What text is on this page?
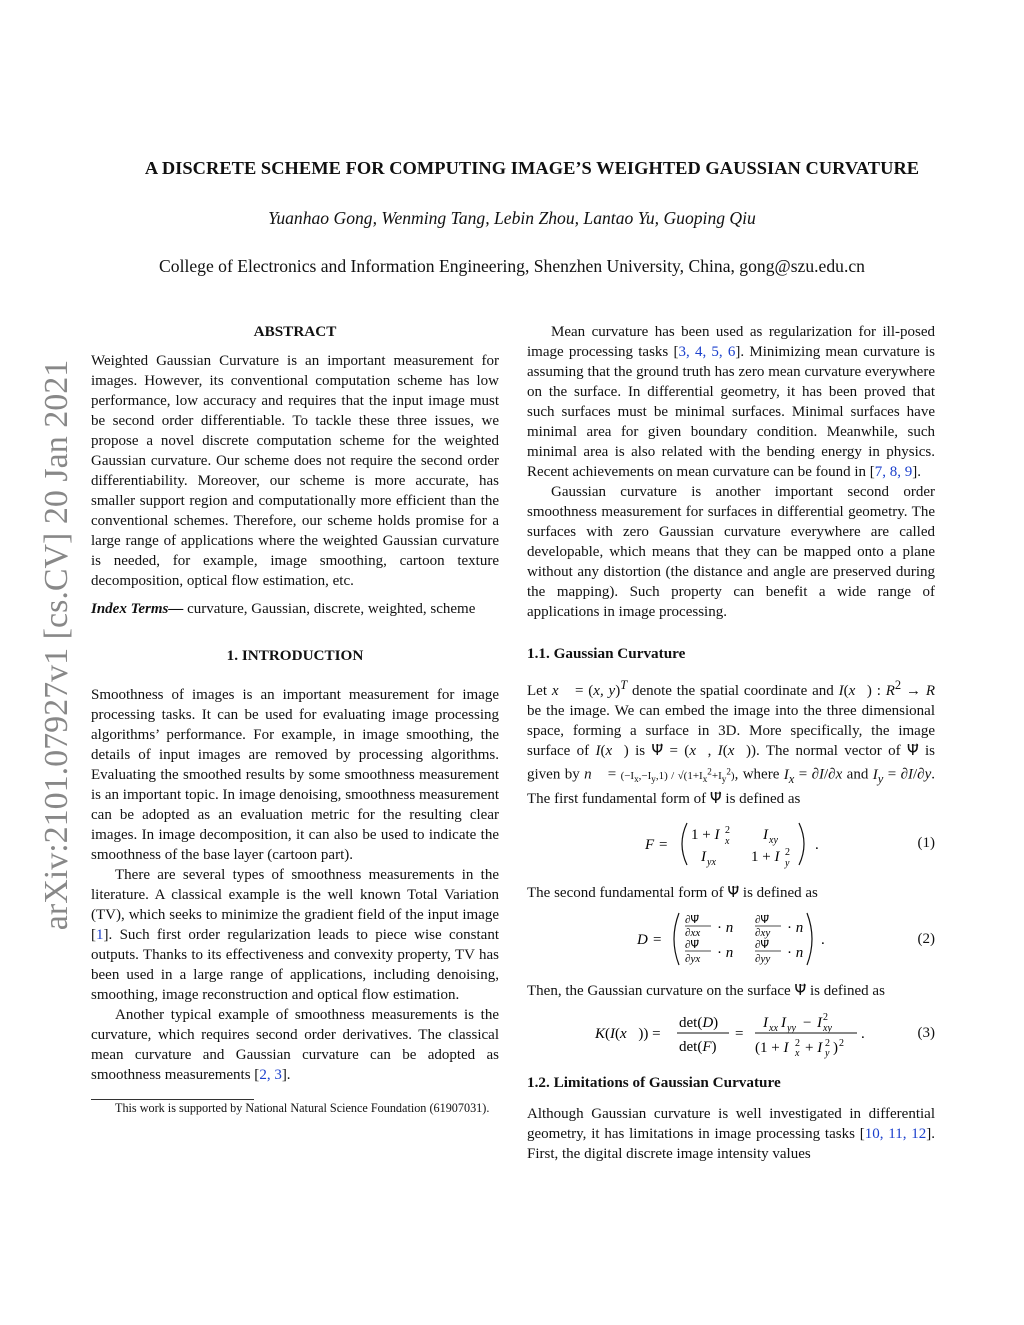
arXiv:2101.07927v1 [cs.CV] 20 Jan 2021
A DISCRETE SCHEME FOR COMPUTING IMAGE’S WEIGHTED GAUSSIAN CURVATURE
Yuanhao Gong, Wenming Tang, Lebin Zhou, Lantao Yu, Guoping Qiu
College of Electronics and Information Engineering, Shenzhen University, China, gong@szu.edu.cn

ABSTRACT

Weighted Gaussian Curvature is an important measurement for images. However, its conventional computation scheme has low performance, low accuracy and requires that the input image must be second order differentiable. To tackle these three issues, we propose a novel discrete computation scheme for the weighted Gaussian curvature. Our scheme does not require the second order differentiability. Moreover, our scheme is more accurate, has smaller support region and computationally more efficient than the conventional schemes. Therefore, our scheme holds promise for a large range of applications where the weighted Gaussian curvature is needed, for example, image smoothing, cartoon texture decomposition, optical flow estimation, etc.

Index Terms— curvature, Gaussian, discrete, weighted, scheme

1. INTRODUCTION

Smoothness of images is an important measurement for image processing tasks. It can be used for evaluating image processing algorithms’ performance. For example, in image smoothing, the details of input images are removed by processing algorithms. Evaluating the smoothed results by some smoothness measurement is an important topic. In image denoising, smoothness measurement can be adopted as an evaluation metric for the resulting clear images. In image decomposition, it can also be used to indicate the smoothness of the base layer (cartoon part).

There are several types of smoothness measurements in the literature. A classical example is the well known Total Variation (TV), which seeks to minimize the gradient field of the input image [1]. Such first order regularization leads to piece wise constant outputs. Thanks to its effectiveness and convexity property, TV has been used in a large range of applications, including denoising, smoothing, image reconstruction and optical flow estimation.

Another typical example of smoothness measurements is the curvature, which requires second order derivatives. The classical mean curvature and Gaussian curvature can be adopted as smoothness measurements [2, 3].

This work is supported by National Natural Science Foundation (61907031).

Mean curvature has been used as regularization for ill-posed image processing tasks [3, 4, 5, 6]. Minimizing mean curvature is assuming that the ground truth has zero mean curvature everywhere on the surface. In differential geometry, it has been proved that such surfaces must be minimal surfaces. Minimal surfaces have minimal area for given boundary condition. Meanwhile, such minimal area is also related with the bending energy in physics. Recent achievements on mean curvature can be found in [7, 8, 9].

Gaussian curvature is another important second order smoothness measurement for surfaces in differential geometry. The surfaces with zero Gaussian curvature everywhere are called developable, which means that they can be mapped onto a plane without any distortion (the distance and angle are preserved during the mapping). Such property can benefit a wide range of applications in image processing.

1.1. Gaussian Curvature

Let x⃗ = (x, y)$^T$ denote the spatial coordinate and I(x⃗) : $R^2 \to R$ be the image. We can embed the image into the three dimensional space, forming a surface in 3D. More specifically, the image surface of I(x⃗) is Ψ⃗ = (x⃗, I(x⃗)). The normal vector of Ψ⃗ is given by n⃗ = $(-I_x,-I_y,1) / √(1+I_x^2+I_y^2)$, where $I_x = \partial I/\partial x$ and $I_y = \partial I/\partial y$. The first fundamental form of Ψ⃗ is defined as

F =
1 + I x
2 I xy
I yx 1 + I y
2 .	(1)

The second fundamental form of Ψ⃗ is defined as

D =
∂Ψ⃗
∂xx · n⃗ ∂Ψ⃗
∂xy · n⃗
∂Ψ⃗
∂yx · n⃗ ∂Ψ⃗
∂yy · n⃗
.	(2)

Then, the Gaussian curvature on the surface Ψ⃗ is defined as

K(I(x⃗)) =
det(D)
det(F)
=
I xx I yy − I xy
2
(1 + I x
2 + I y
2 ) 2
.	(3)

1.2. Limitations of Gaussian Curvature

Although Gaussian curvature is well investigated in differential geometry, it has limitations in image processing tasks [10, 11, 12]. First, the digital discrete image intensity values
